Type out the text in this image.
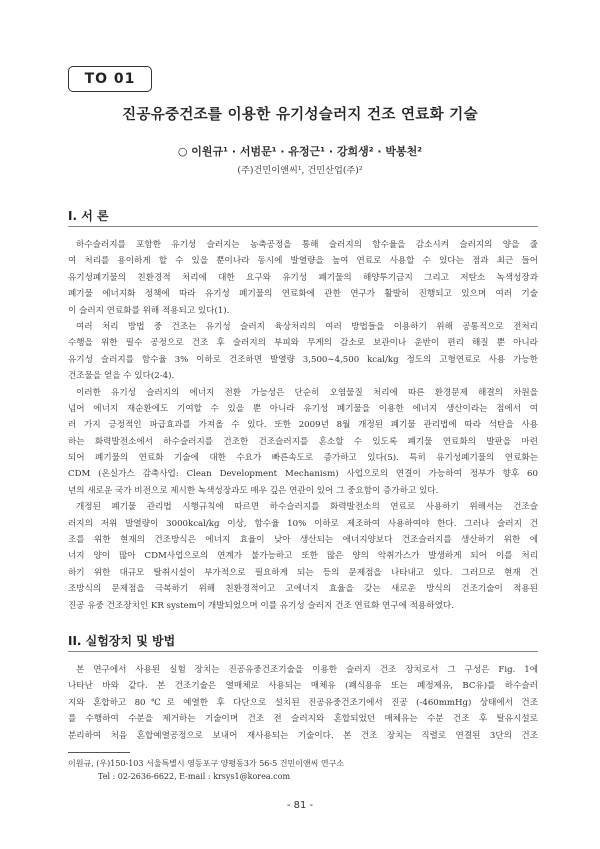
TO 01
진공유중건조를 이용한 유기성슬러지 건조 연료화 기술
○ 이원규¹ · 서범문¹ · 유정근¹ · 강희생² · 박봉천²
(주)건민이앤씨¹, 건민산업(주)²
I. 서 론
하수슬러지를 포함한 유기성 슬러지는 농축공정을 통해 슬러지의 함수율을 감소시켜 슬러지의 양을 줄
여 처리를 용이하게 할 수 있을 뿐이나라 동시에 발열량을 높여 연료로 사용할 수 있다는 점과 최근 들어
유기성폐기물의 친환경적 처리에 대한 요구와 유기성 폐기물의 해양투기금지 그리고 저탄소 녹색성장과
폐기물 에너지화 정책에 따라 유기성 폐기물의 연료화에 관한 연구가 활발히 진행되고 있으며 여러 기술
이 슬러지 연료화를 위해 적용되고 있다(1).
여러 처리 방법 중 건조는 유기성 슬러지 육상처리의 여러 방법들을 이용하기 위해 공통적으로 전처리
수행을 위한 필수 공정으로 건조 후 슬러지의 부피와 무게의 감소로 보관이나 운반이 편리 해질 뿐 아니라
유기성 슬러지를 함수율 3% 이하로 건조하면 발열량 3,500∼4,500 kcal/kg 정도의 고형연료로 사용 가능한
건조물을 얻을 수 있다(2-4).
이러한 유기성 슬러지의 에너지 전환 가능성은 단순히 오염물질 처리에 따른 환경문제 해결의 차원을
넘어 에너지 재순환에도 기여할 수 있을 뿐 아니라 유기성 폐기물을 이용한 에너지 생산이라는 점에서 여
러 가지 긍정적인 파급효과를 가져올 수 있다. 또한 2009년 8월 개정된 폐기물 관리법에 따라 석탄을 사용
하는 화력발전소에서 하수슬러지를 건조한 건조슬러지를 혼소할 수 있도록 폐기물 연료화의 발판을 마련
되어 폐기물의 연료화 기술에 대한 수요가 빠른속도로 증가하고 있다(5). 특히 유기성폐기물의 연료화는
CDM (온실가스 감축사업: Clean Development Mechanism) 사업으로의 연결이 가능하여 정부가 향후 60
년의 새로운 국가 비전으로 제시한 녹색성장과도 매우 깊은 연관이 있어 그 중요함이 증가하고 있다.
개정된 폐기물 관리법 시행규칙에 따르면 하수슬러지를 화력발전소의 연료로 사용하기 위해서는 건조슬
러지의 저위 발열량이 3000kcal/kg 이상, 함수율 10% 이하로 제조하여 사용하여야 한다. 그러나 슬러지 건
조를 위한 현재의 건조방식은 에너지 효율이 낮아 생산되는 에너지양보다 건조슬러지를 생산하기 위한 에
너지 양이 많아 CDM사업으로의 연계가 불가능하고 또한 많은 양의 악취가스가 발생하게 되어 이를 처리
하기 위한 대규모 탈취시설이 부가적으로 필요하게 되는 등의 문제점을 나타내고 있다. 그러므로 현재 건
조방식의 문제점을 극복하기 위해 친환경적이고 고에너지 효율을 갖는 새로운 방식의 건조기술이 적용된
진공 유중 건조장치인 KR system이 개발되었으며 이를 유기성 슬러지 건조 연료화 연구에 적용하였다.
II. 실험장치 및 방법
본 연구에서 사용된 실험 장치는 진공유중건조기술을 이용한 슬러지 건조 장치로서 그 구성은 Fig. 1에
나타난 바와 같다. 본 건조기술은 열매체로 사용되는 매체유 (폐식용유 또는 폐정제유, BC유)를 하수슬러
지와 혼합하고 80℃로 예열한 후 다단으로 설치된 진공유중건조기에서 진공 (-460mmHg) 상태에서 건조
를 수행하여 수분을 제거하는 기술이며 건조 전 슬러지와 혼합되었던 매체유는 수분 건조 후 탈유시설로
분리하여 처음 혼합예열공정으로 보내어 재사용되는 기술이다. 본 건조 장치는 직렬로 연결된 3단의 건조
이원규, (우)150-103 서울특별시 영등포구 양평동3가 56-5 건민이앤씨 연구소
Tel : 02-2636-6622, E-mail : krsys1@korea.com
- 81 -
